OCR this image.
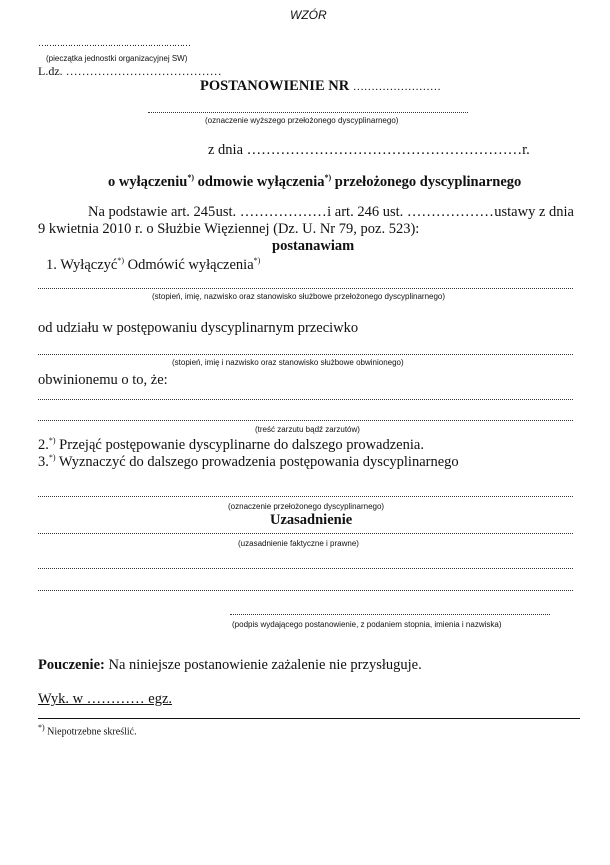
WZÓR
…………………………………………………
(pieczątka jednostki organizacyjnej SW)
L.dz. …………………………………
POSTANOWIENIE NR ……………………
(oznaczenie wyższego przełożonego dyscyplinarnego)
z dnia …………………………………………………r.
o wyłączeniu*) odmowie wyłączenia*) przełożonego dyscyplinarnego
Na podstawie art. 245 ust. ……………… i art. 246 ust. ……………… ustawy z dnia
9 kwietnia 2010 r. o Służbie Więziennej (Dz. U. Nr 79, poz. 523):
postanawiam
1. Wyłączyć*) Odmówić wyłączenia*)
(stopień, imię, nazwisko oraz stanowisko służbowe przełożonego dyscyplinarnego)
od udziału w postępowaniu dyscyplinarnym przeciwko
(stopień, imię i nazwisko oraz stanowisko służbowe obwinionego)
obwinionemu o to, że:
(treść zarzutu bądź zarzutów)
2.*) Przejąć postępowanie dyscyplinarne do dalszego prowadzenia.
3.*) Wyznaczyć do dalszego prowadzenia postępowania dyscyplinarnego
(oznaczenie przełożonego dyscyplinarnego)
Uzasadnienie
(uzasadnienie faktyczne i prawne)
(podpis wydającego postanowienie, z podaniem stopnia, imienia i nazwiska)
Pouczenie: Na niniejsze postanowienie zażalenie nie przysługuje.
Wyk. w ………… egz.
*) Niepotrzebne skreślić.
